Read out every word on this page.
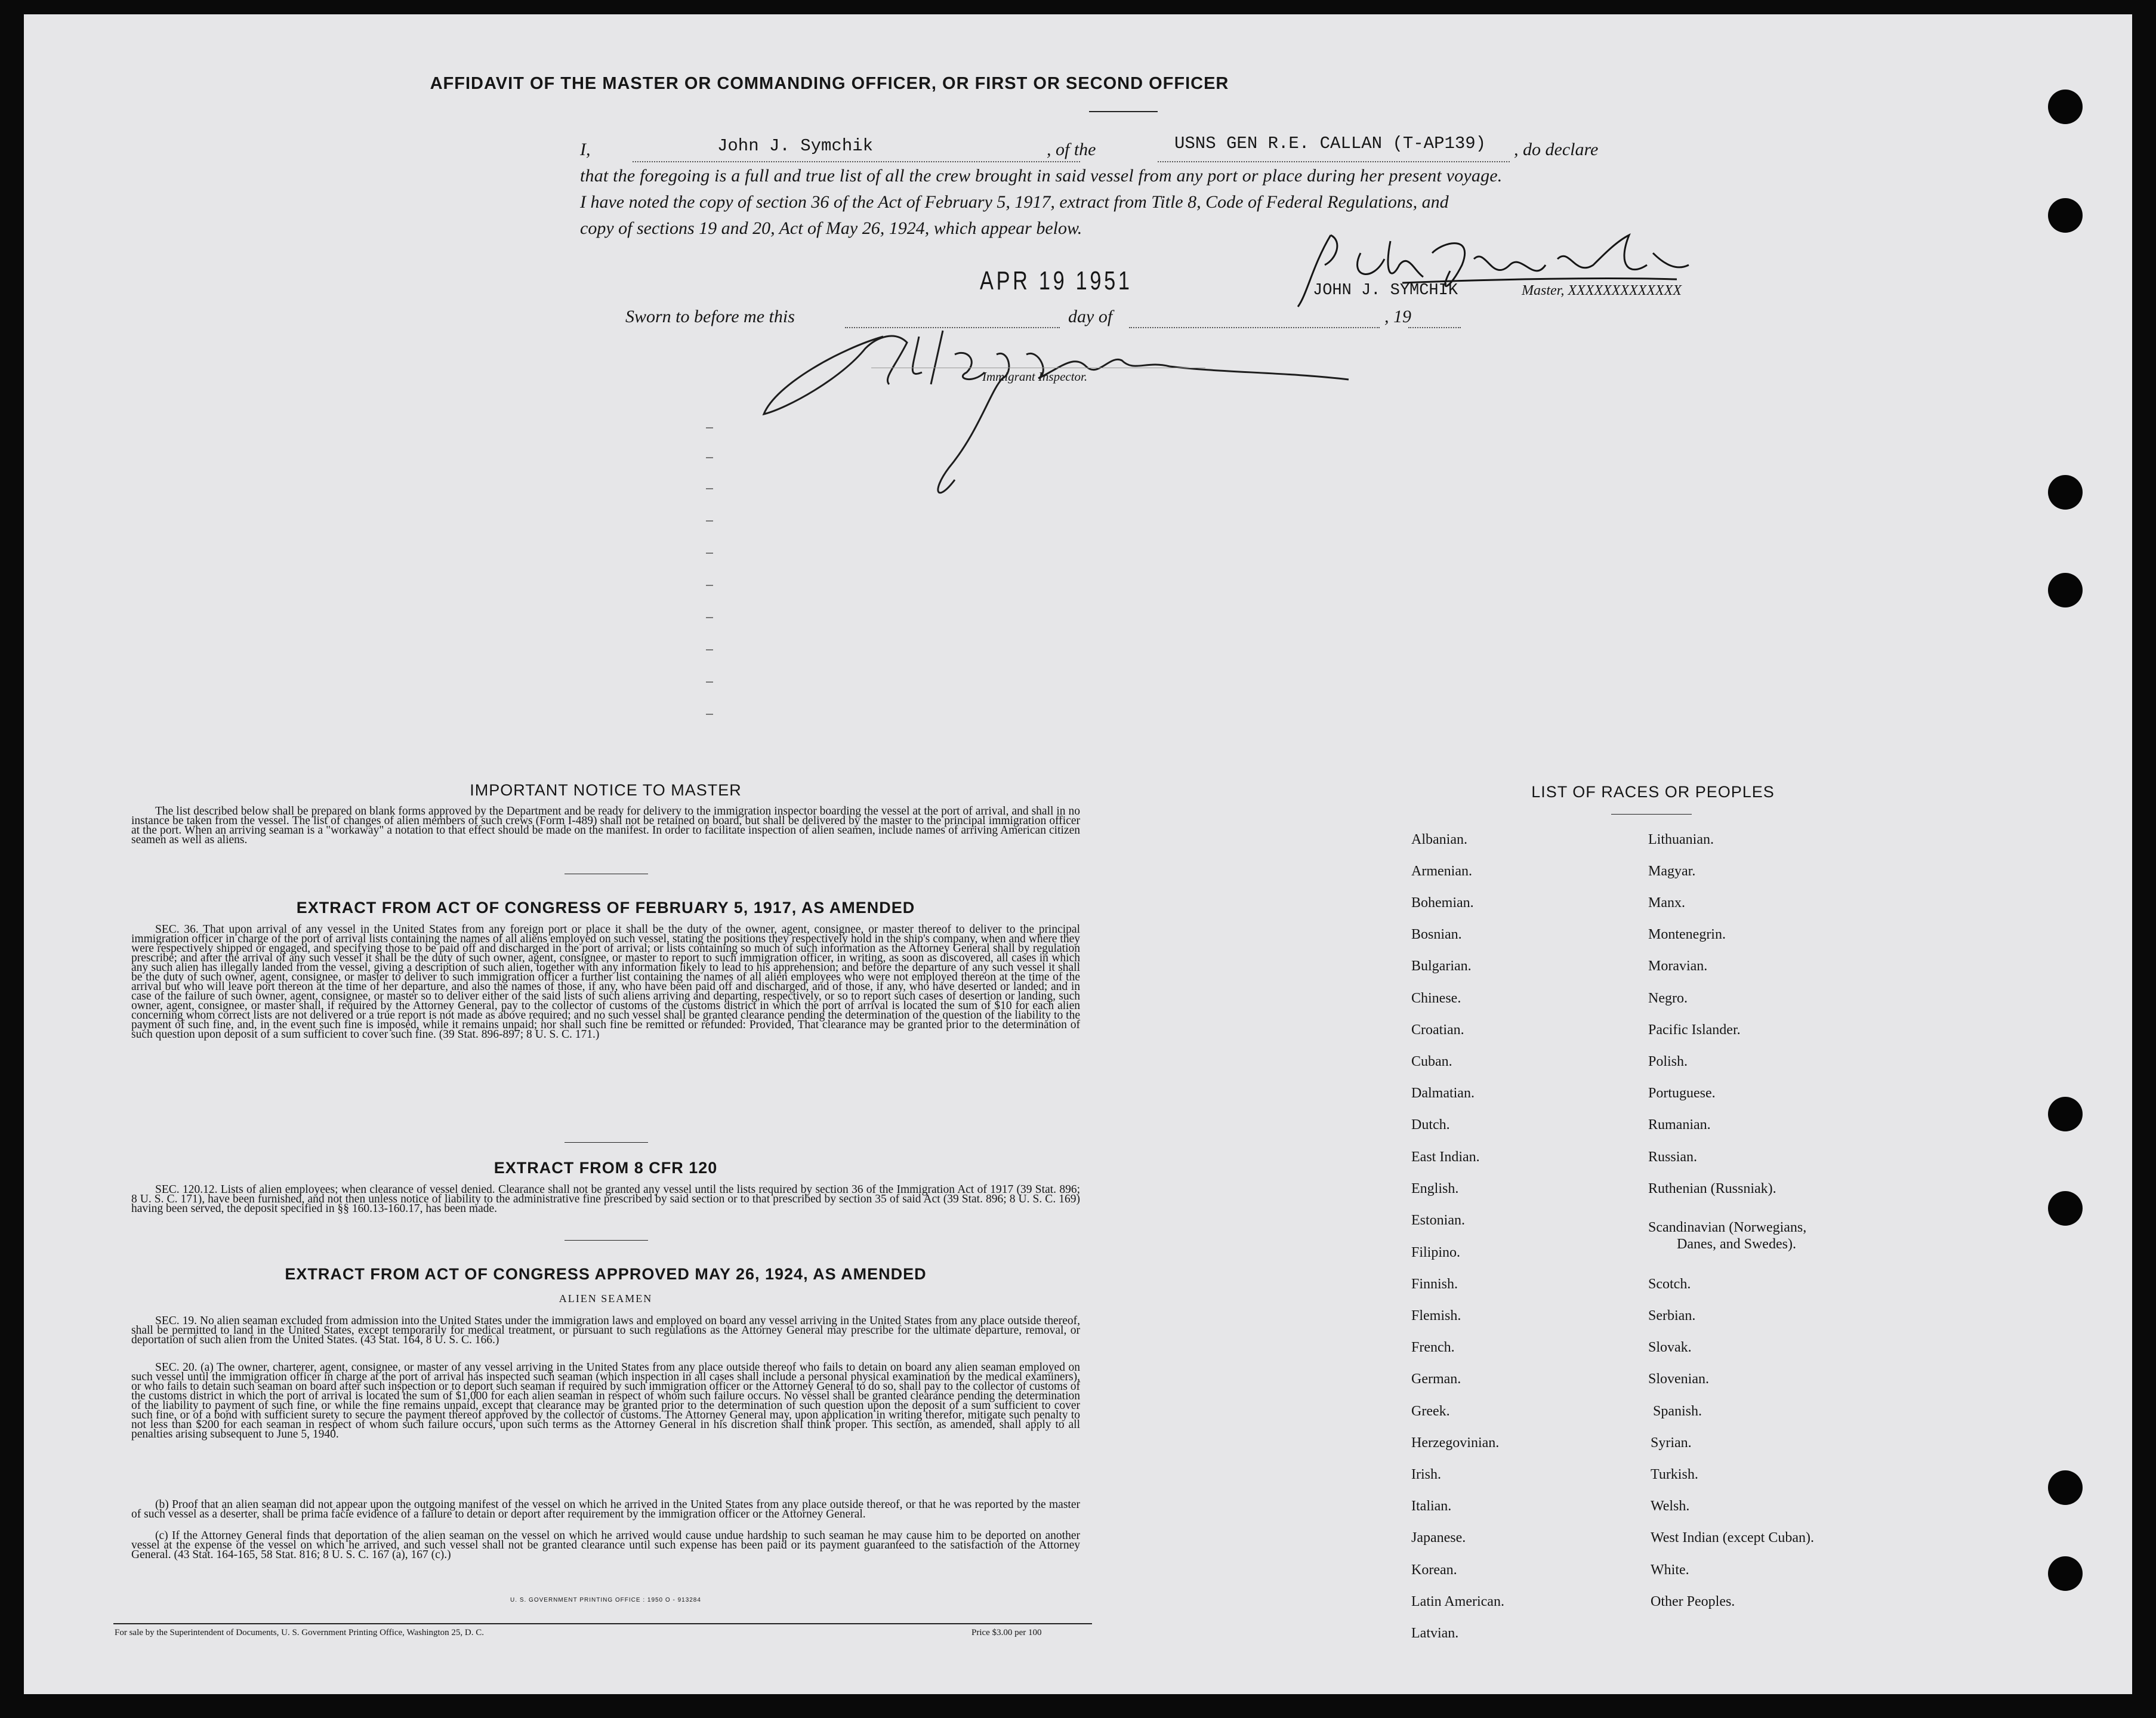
AFFIDAVIT OF THE MASTER OR COMMANDING OFFICER, OR FIRST OR SECOND OFFICER
I,	John J. Symchik	, of the	USNS GEN R.E. CALLAN (T-AP139) , do declare
that the foregoing is a full and true list of all the crew brought in said vessel from any port or place during her present voyage.
I have noted the copy of section 36 of the Act of February 5, 1917, extract from Title 8, Code of Federal Regulations, and
copy of sections 19 and 20, Act of May 26, 1924, which appear below.
APR 19 1951	JOHN J. SYMCHIK	Master, XXXXXXXXXXXXX
Sworn to before me this	day of	, 19
Immigrant Inspector.
IMPORTANT NOTICE TO MASTER

The list described below shall be prepared on blank forms approved by the Department and be ready for delivery to the immigration inspector boarding the vessel at the port of arrival, and shall in no instance be taken from the vessel. The list of changes of alien members of such crews (Form I-489) shall not be retained on board, but shall be delivered by the master to the principal immigration officer at the port. When an arriving seaman is a "workaway" a notation to that effect should be made on the manifest. In order to facilitate inspection of alien seamen, include names of arriving American citizen seamen as well as aliens.

EXTRACT FROM ACT OF CONGRESS OF FEBRUARY 5, 1917, AS AMENDED

SEC. 36. That upon arrival of any vessel in the United States from any foreign port or place it shall be the duty of the owner, agent, consignee, or master thereof to deliver to the principal immigration officer in charge of the port of arrival lists containing the names of all aliens employed on such vessel, stating the positions they respectively hold in the ship's company, when and where they were respectively shipped or engaged, and specifying those to be paid off and discharged in the port of arrival; or lists containing so much of such information as the Attorney General shall by regulation prescribe; and after the arrival of any such vessel it shall be the duty of such owner, agent, consignee, or master to report to such immigration officer, in writing, as soon as discovered, all cases in which any such alien has illegally landed from the vessel, giving a description of such alien, together with any information likely to lead to his apprehension; and before the departure of any such vessel it shall be the duty of such owner, agent, consignee, or master to deliver to such immigration officer a further list containing the names of all alien employees who were not employed thereon at the time of the arrival but who will leave port thereon at the time of her departure, and also the names of those, if any, who have been paid off and discharged, and of those, if any, who have deserted or landed; and in case of the failure of such owner, agent, consignee, or master so to deliver either of the said lists of such aliens arriving and departing, respectively, or so to report such cases of desertion or landing, such owner, agent, consignee, or master shall, if required by the Attorney General, pay to the collector of customs of the customs district in which the port of arrival is located the sum of $10 for each alien concerning whom correct lists are not delivered or a true report is not made as above required; and no such vessel shall be granted clearance pending the determination of the question of the liability to the payment of such fine, and, in the event such fine is imposed, while it remains unpaid; nor shall such fine be remitted or refunded: Provided, That clearance may be granted prior to the determination of such question upon deposit of a sum sufficient to cover such fine. (39 Stat. 896-897; 8 U. S. C. 171.)

EXTRACT FROM 8 CFR 120

SEC. 120.12. Lists of alien employees; when clearance of vessel denied. Clearance shall not be granted any vessel until the lists required by section 36 of the Immigration Act of 1917 (39 Stat. 896; 8 U. S. C. 171), have been furnished, and not then unless notice of liability to the administrative fine prescribed by said section or to that prescribed by section 35 of said Act (39 Stat. 896; 8 U. S. C. 169) having been served, the deposit specified in §§ 160.13-160.17, has been made.

EXTRACT FROM ACT OF CONGRESS APPROVED MAY 26, 1924, AS AMENDED
ALIEN SEAMEN

SEC. 19. No alien seaman excluded from admission into the United States under the immigration laws and employed on board any vessel arriving in the United States from any place outside thereof, shall be permitted to land in the United States, except temporarily for medical treatment, or pursuant to such regulations as the Attorney General may prescribe for the ultimate departure, removal, or deportation of such alien from the United States. (43 Stat. 164, 8 U. S. C. 166.)

SEC. 20. (a) The owner, charterer, agent, consignee, or master of any vessel arriving in the United States from any place outside thereof who fails to detain on board any alien seaman employed on such vessel until the immigration officer in charge at the port of arrival has inspected such seaman (which inspection in all cases shall include a personal physical examination by the medical examiners), or who fails to detain such seaman on board after such inspection or to deport such seaman if required by such immigration officer or the Attorney General to do so, shall pay to the collector of customs of the customs district in which the port of arrival is located the sum of $1,000 for each alien seaman in respect of whom such failure occurs. No vessel shall be granted clearance pending the determination of the liability to payment of such fine, or while the fine remains unpaid, except that clearance may be granted prior to the determination of such question upon the deposit of a sum sufficient to cover such fine, or of a bond with sufficient surety to secure the payment thereof approved by the collector of customs. The Attorney General may, upon application in writing therefor, mitigate such penalty to not less than $200 for each seaman in respect of whom such failure occurs, upon such terms as the Attorney General in his discretion shall think proper. This section, as amended, shall apply to all penalties arising subsequent to June 5, 1940.

(b) Proof that an alien seaman did not appear upon the outgoing manifest of the vessel on which he arrived in the United States from any place outside thereof, or that he was reported by the master of such vessel as a deserter, shall be prima facie evidence of a failure to detain or deport after requirement by the immigration officer or the Attorney General.

(c) If the Attorney General finds that deportation of the alien seaman on the vessel on which he arrived would cause undue hardship to such seaman he may cause him to be deported on another vessel at the expense of the vessel on which he arrived, and such vessel shall not be granted clearance until such expense has been paid or its payment guaranteed to the satisfaction of the Attorney General. (43 Stat. 164-165, 58 Stat. 816; 8 U. S. C. 167 (a), 167 (c).)

U. S. GOVERNMENT PRINTING OFFICE : 1950 O - 913284
For sale by the Superintendent of Documents, U. S. Government Printing Office, Washington 25, D. C.	Price $3.00 per 100
LIST OF RACES OR PEOPLES
Albanian.
Armenian.
Bohemian.
Bosnian.
Bulgarian.
Chinese.
Croatian.
Cuban.
Dalmatian.
Dutch.
East Indian.
English.
Estonian.
Filipino.
Finnish.
Flemish.
French.
German.
Greek.
Herzegovinian.
Irish.
Italian.
Japanese.
Korean.
Latin American.
Latvian.
Lithuanian.
Magyar.
Manx.
Montenegrin.
Moravian.
Negro.
Pacific Islander.
Polish.
Portuguese.
Rumanian.
Russian.
Ruthenian (Russniak).
Scandinavian (Norwegians,
Danes, and Swedes).
Scotch.
Serbian.
Slovak.
Slovenian.
Spanish.
Syrian.
Turkish.
Welsh.
West Indian (except Cuban).
White.
Other Peoples.
